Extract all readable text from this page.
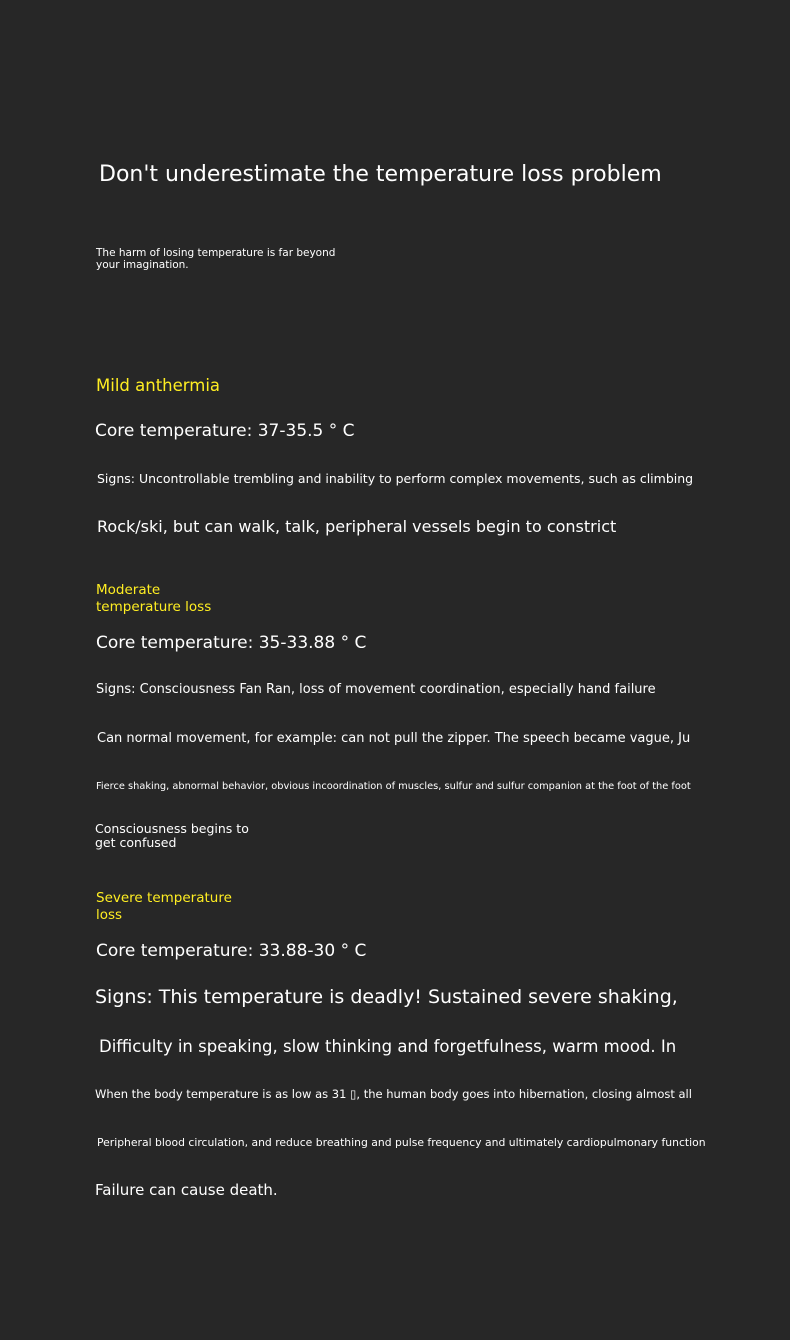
Don't underestimate the temperature loss problem
The harm of losing temperature is far beyond your imagination.
Mild anthermia
Core temperature: 37-35.5 ° C
Signs: Uncontrollable trembling and inability to perform complex movements, such as climbing
Rock/ski, but can walk, talk, peripheral vessels begin to constrict
Moderate temperature loss
Core temperature: 35-33.88 ° C
Signs: Consciousness Fan Ran, loss of movement coordination, especially hand failure
Can normal movement, for example: can not pull the zipper. The speech became vague, Ju
Fierce shaking, abnormal behavior, obvious incoordination of muscles, sulfur and sulfur companion at the foot of the foot
Consciousness begins to get confused
Severe temperature loss
Core temperature: 33.88-30 ° C
Signs: This temperature is deadly! Sustained severe shaking,
Difficulty in speaking, slow thinking and forgetfulness, warm mood. In
When the body temperature is as low as 31 ▯, the human body goes into hibernation, closing almost all
Peripheral blood circulation, and reduce breathing and pulse frequency and ultimately cardiopulmonary function
Failure can cause death.
